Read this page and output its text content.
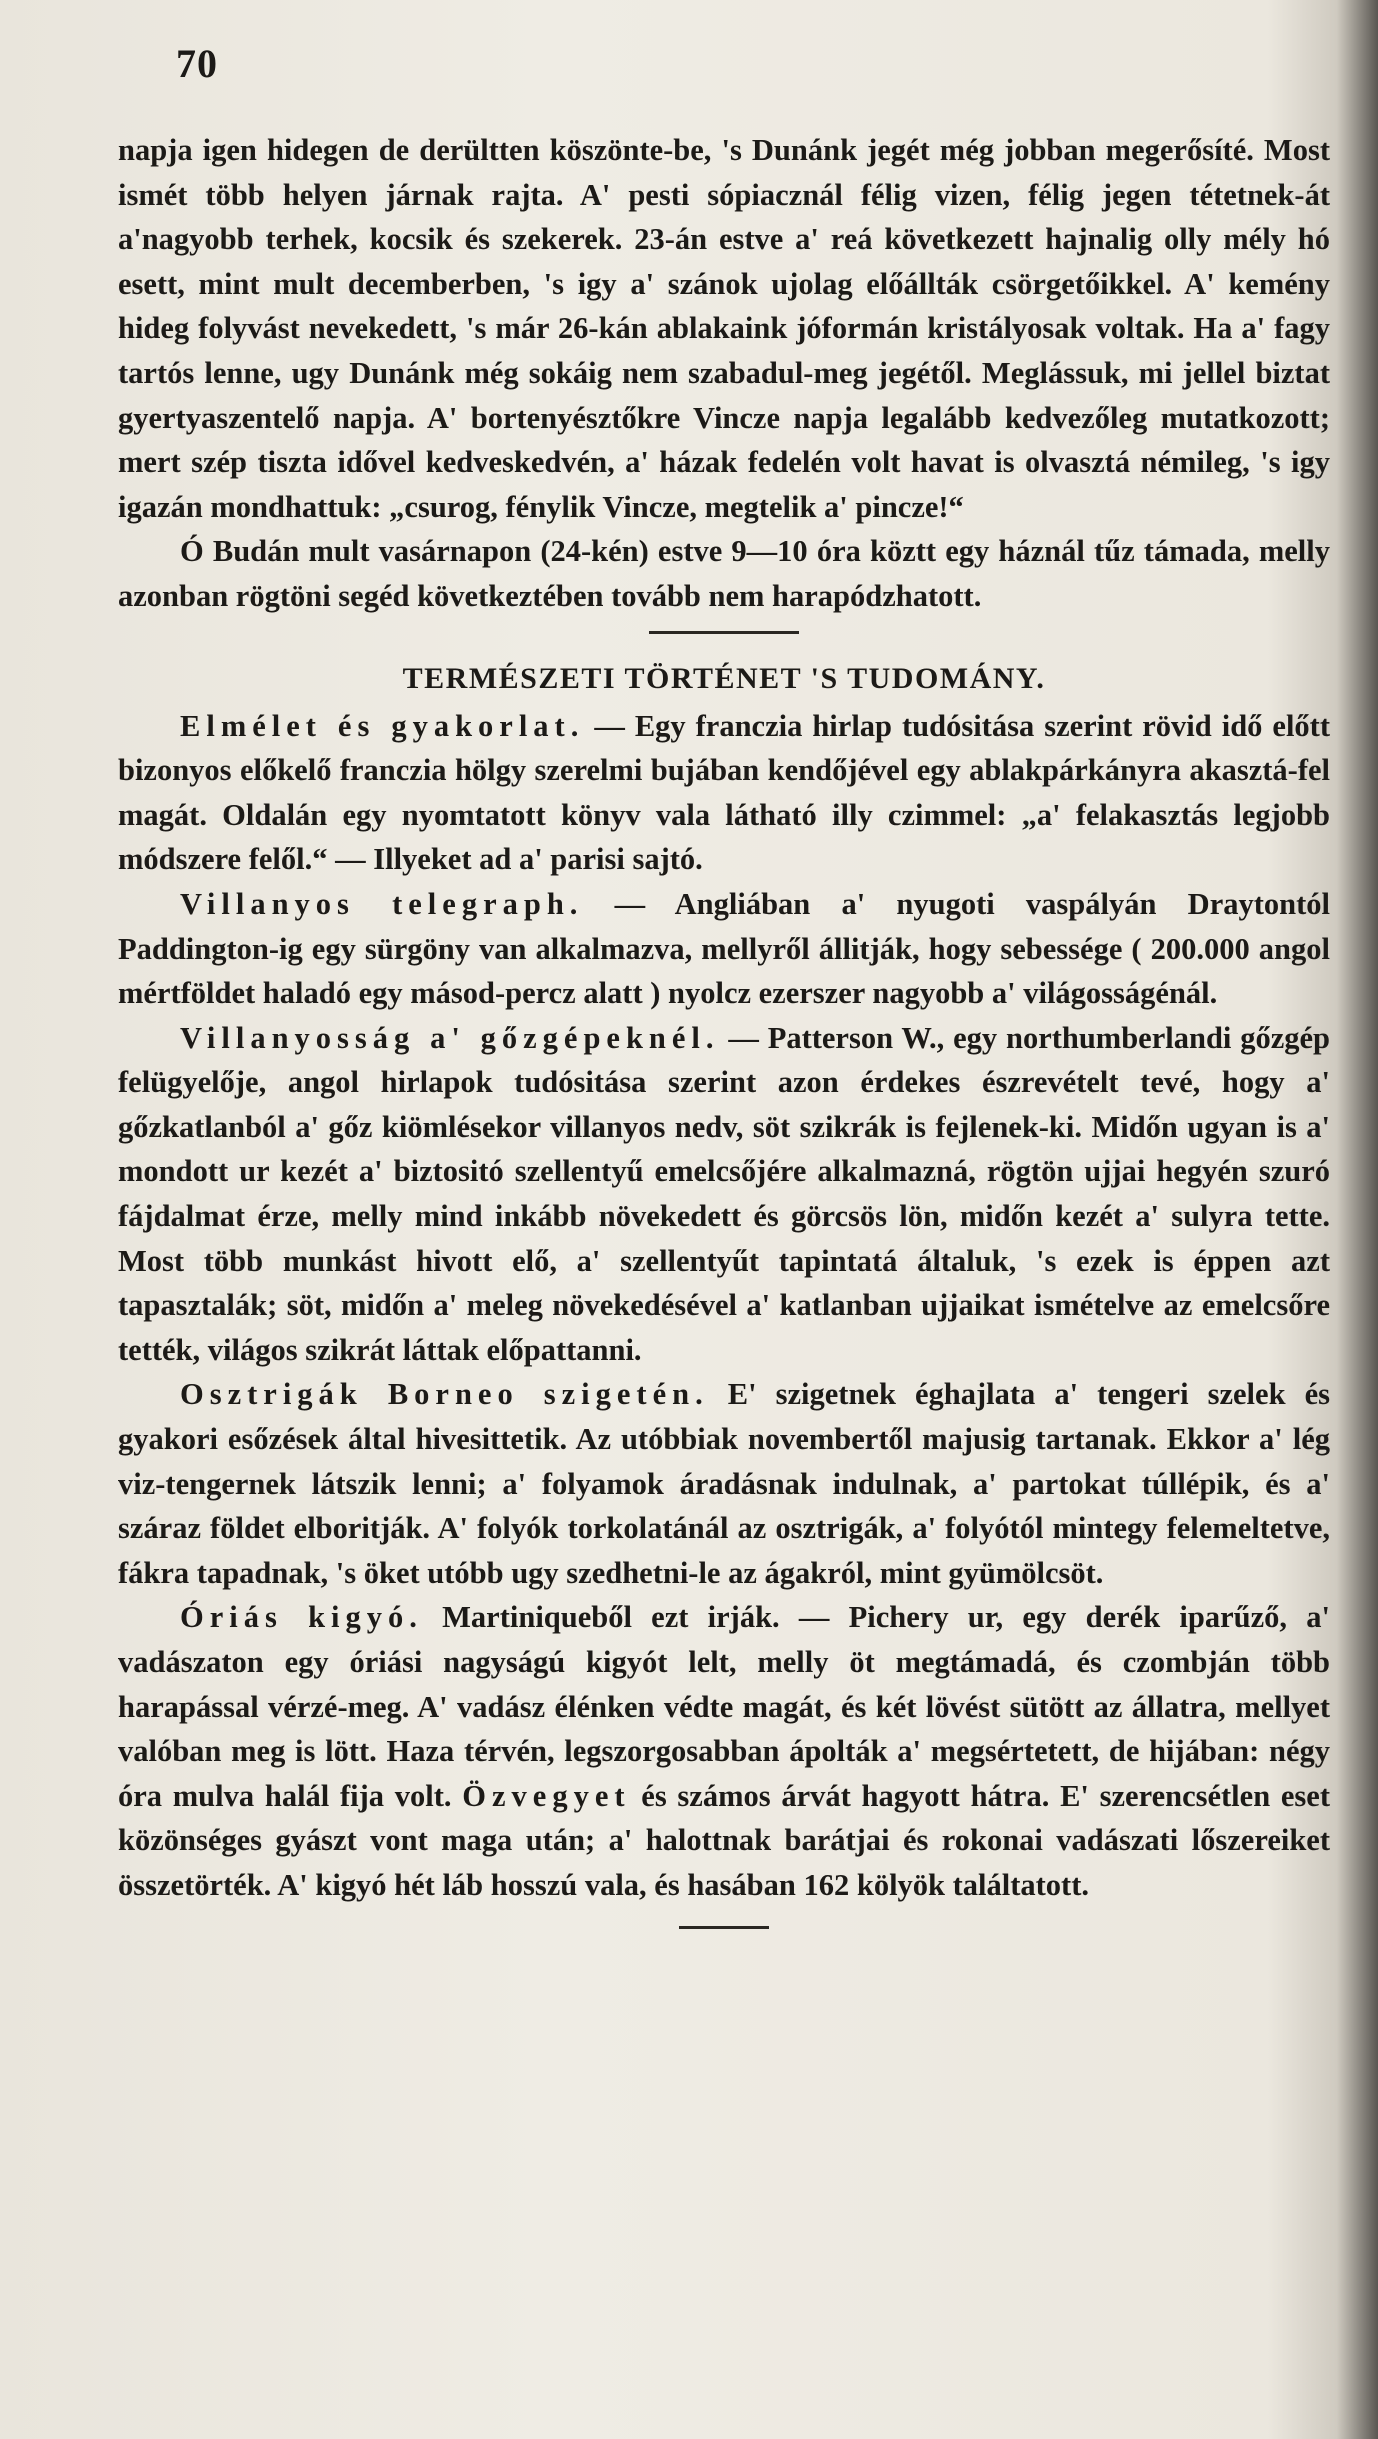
70

napja igen hidegen de derültten köszönte-be, 's Dunánk jegét még jobban megerősíté. Most ismét több helyen járnak rajta. A' pesti sópiacznál félig vizen, félig jegen tétetnek-át a'nagyobb terhek, kocsik és szekerek. 23-án estve a' reá következett hajnalig olly mély hó esett, mint mult decemberben, 's igy a' szánok ujolag előállták csörgetőikkel. A' kemény hideg folyvást nevekedett, 's már 26-kán ablakaink jóformán kristályosak voltak. Ha a' fagy tartós lenne, ugy Dunánk még sokáig nem szabadul-meg jegétől. Meglássuk, mi jellel biztat gyertyaszentelő napja. A' bortenyésztőkre Vincze napja legalább kedvezőleg mutatkozott; mert szép tiszta idővel kedveskedvén, a' házak fedelén volt havat is olvasztá némileg, 's igy igazán mondhattuk: „csurog, fénylik Vincze, megtelik a' pincze!“

Ó Budán mult vasárnapon (24-kén) estve 9—10 óra köztt egy háznál tűz támada, melly azonban rögtöni segéd következtében tovább nem harapódzhatott.

TERMÉSZETI TÖRTÉNET 'S TUDOMÁNY.

Elmélet és gyakorlat. — Egy franczia hirlap tudósitása szerint rövid idő előtt bizonyos előkelő franczia hölgy szerelmi bujában kendőjével egy ablakpárkányra akasztá-fel magát. Oldalán egy nyomtatott könyv vala látható illy czimmel: „a' felakasztás legjobb módszere felől.“ — Illyeket ad a' parisi sajtó.

Villanyos telegraph. — Angliában a' nyugoti vaspályán Draytontól Paddington-ig egy sürgöny van alkalmazva, mellyről állitják, hogy sebessége ( 200.000 angol mértföldet haladó egy másod-percz alatt ) nyolcz ezerszer nagyobb a' világosságénál.

Villanyosság a' gőzgépeknél. — Patterson W., egy northumberlandi gőzgép felügyelője, angol hirlapok tudósitása szerint azon érdekes észrevételt tevé, hogy a' gőzkatlanból a' gőz kiömlésekor villanyos nedv, söt szikrák is fejlenek-ki. Midőn ugyan is a' mondott ur kezét a' biztositó szellentyű emelcsőjére alkalmazná, rögtön ujjai hegyén szuró fájdalmat érze, melly mind inkább növekedett és görcsös lön, midőn kezét a' sulyra tette. Most több munkást hivott elő, a' szellentyűt tapintatá általuk, 's ezek is éppen azt tapasztalák; söt, midőn a' meleg növekedésével a' katlanban ujjaikat ismételve az emelcsőre tették, világos szikrát láttak előpattanni.

Osztrigák Borneo szigetén. E' szigetnek éghajlata a' tengeri szelek és gyakori esőzések által hivesittetik. Az utóbbiak novembertől majusig tartanak. Ekkor a' lég viz-tengernek látszik lenni; a' folyamok áradásnak indulnak, a' partokat túllépik, és a' száraz földet elboritják. A' folyók torkolatánál az osztrigák, a' folyótól mintegy felemeltetve, fákra tapadnak, 's öket utóbb ugy szedhetni-le az ágakról, mint gyümölcsöt.

Óriás kigyó. Martiniqueből ezt irják. — Pichery ur, egy derék iparűző, a' vadászaton egy óriási nagyságú kigyót lelt, melly öt megtámadá, és czombján több harapással vérzé-meg. A' vadász élénken védte magát, és két lövést sütött az állatra, mellyet valóban meg is lött. Haza térvén, legszorgosabban ápolták a' megsértetett, de hijában: négy óra mulva halál fija volt. Özvegyet és számos árvát hagyott hátra. E' szerencsétlen eset közönséges gyászt vont maga után; a' halottnak barátjai és rokonai vadászati lőszereiket összetörték. A' kigyó hét láb hosszú vala, és hasában 162 kölyök találtatott.
